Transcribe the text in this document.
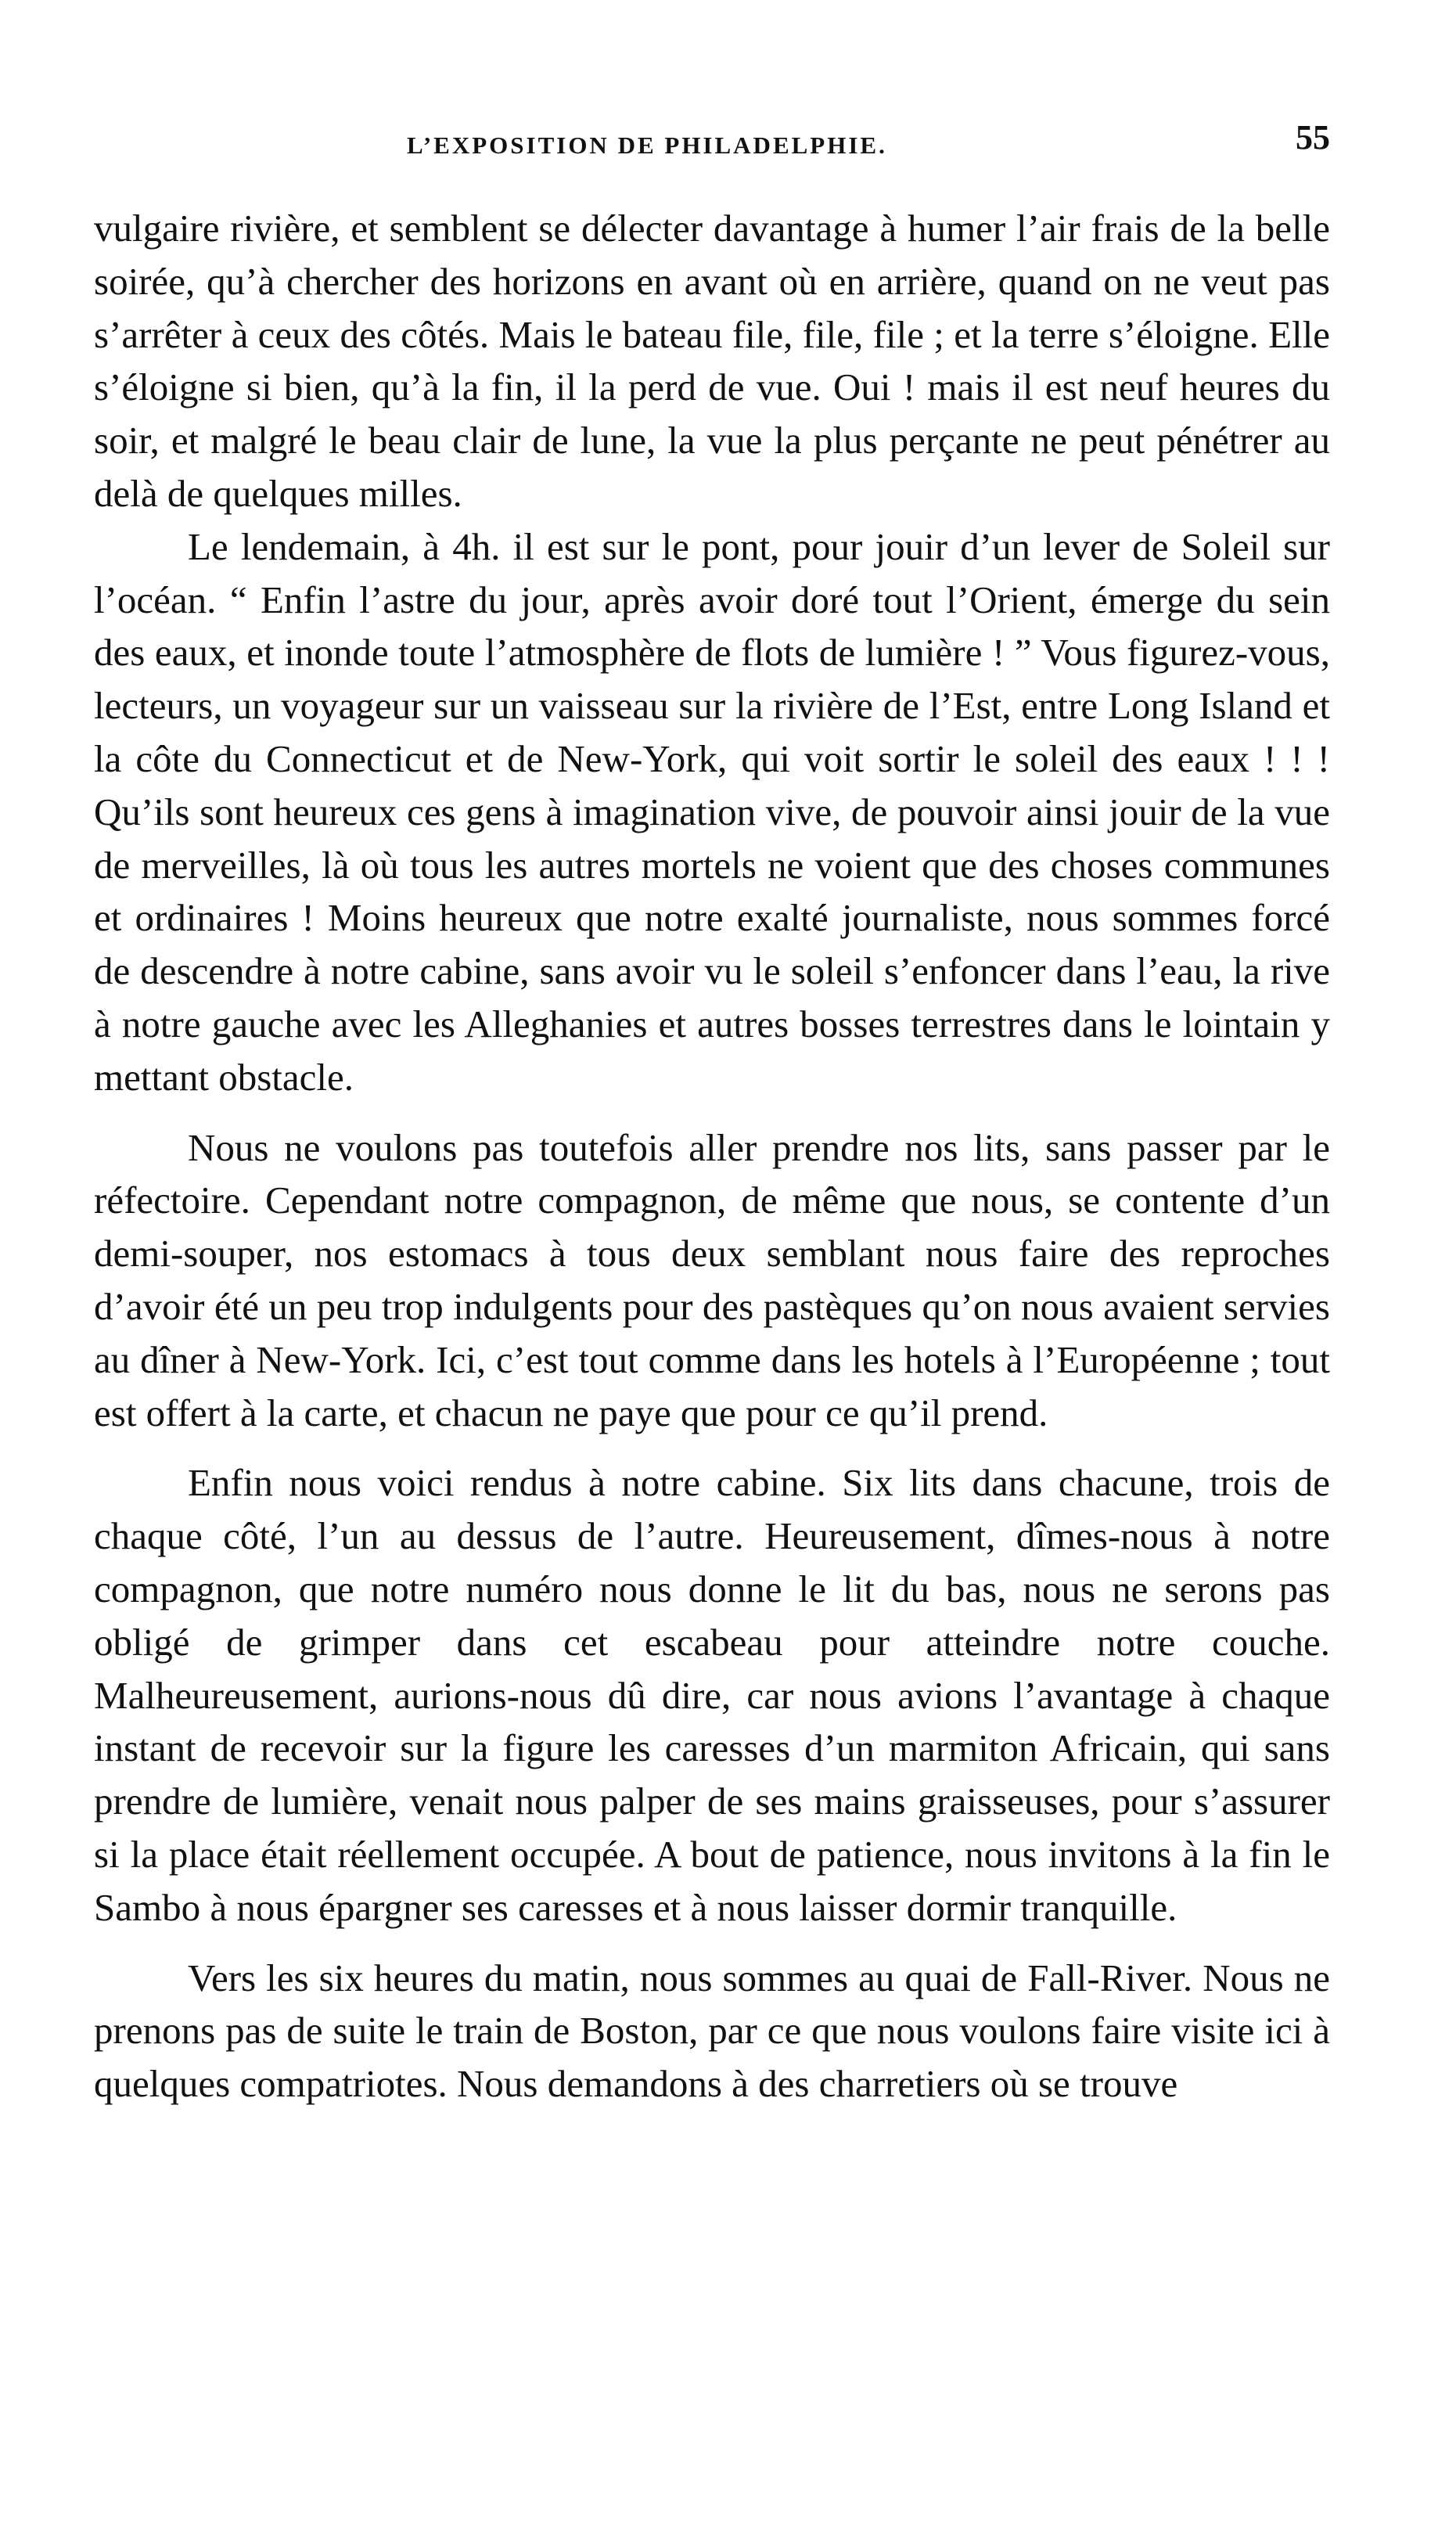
L’EXPOSITION DE PHILADELPHIE.	55

vulgaire rivière, et semblent se délecter davantage à humer l’air frais de la belle soirée, qu’à chercher des horizons en avant où en arrière, quand on ne veut pas s’arrêter à ceux des côtés. Mais le bateau file, file, file ; et la terre s’éloigne. Elle s’éloigne si bien, qu’à la fin, il la perd de vue. Oui ! mais il est neuf heures du soir, et malgré le beau clair de lune, la vue la plus perçante ne peut pénétrer au delà de quelques milles.

Le lendemain, à 4h. il est sur le pont, pour jouir d’un lever de Soleil sur l’océan. “ Enfin l’astre du jour, après avoir doré tout l’Orient, émerge du sein des eaux, et inonde toute l’atmosphère de flots de lumière ! ” Vous figurez-vous, lecteurs, un voyageur sur un vaisseau sur la rivière de l’Est, entre Long Island et la côte du Connecticut et de New-York, qui voit sortir le soleil des eaux ! ! ! Qu’ils sont heureux ces gens à imagination vive, de pouvoir ainsi jouir de la vue de merveilles, là où tous les autres mortels ne voient que des choses communes et ordinaires ! Moins heureux que notre exalté journaliste, nous sommes forcé de descendre à notre cabine, sans avoir vu le soleil s’enfoncer dans l’eau, la rive à notre gauche avec les Alleghanies et autres bosses terrestres dans le lointain y mettant obstacle.

Nous ne voulons pas toutefois aller prendre nos lits, sans passer par le réfectoire. Cependant notre compagnon, de même que nous, se contente d’un demi-souper, nos estomacs à tous deux semblant nous faire des reproches d’avoir été un peu trop indulgents pour des pastèques qu’on nous avaient servies au dîner à New-York. Ici, c’est tout comme dans les hotels à l’Européenne ; tout est offert à la carte, et chacun ne paye que pour ce qu’il prend.

Enfin nous voici rendus à notre cabine. Six lits dans chacune, trois de chaque côté, l’un au dessus de l’autre. Heureusement, dîmes-nous à notre compagnon, que notre numéro nous donne le lit du bas, nous ne serons pas obligé de grimper dans cet escabeau pour atteindre notre couche. Malheureusement, aurions-nous dû dire, car nous avions l’avantage à chaque instant de recevoir sur la figure les caresses d’un marmiton Africain, qui sans prendre de lumière, venait nous palper de ses mains graisseuses, pour s’assurer si la place était réellement occupée. A bout de patience, nous invitons à la fin le Sambo à nous épargner ses caresses et à nous laisser dormir tranquille.

Vers les six heures du matin, nous sommes au quai de Fall-River. Nous ne prenons pas de suite le train de Boston, par ce que nous voulons faire visite ici à quelques compatriotes. Nous demandons à des charretiers où se trouve
